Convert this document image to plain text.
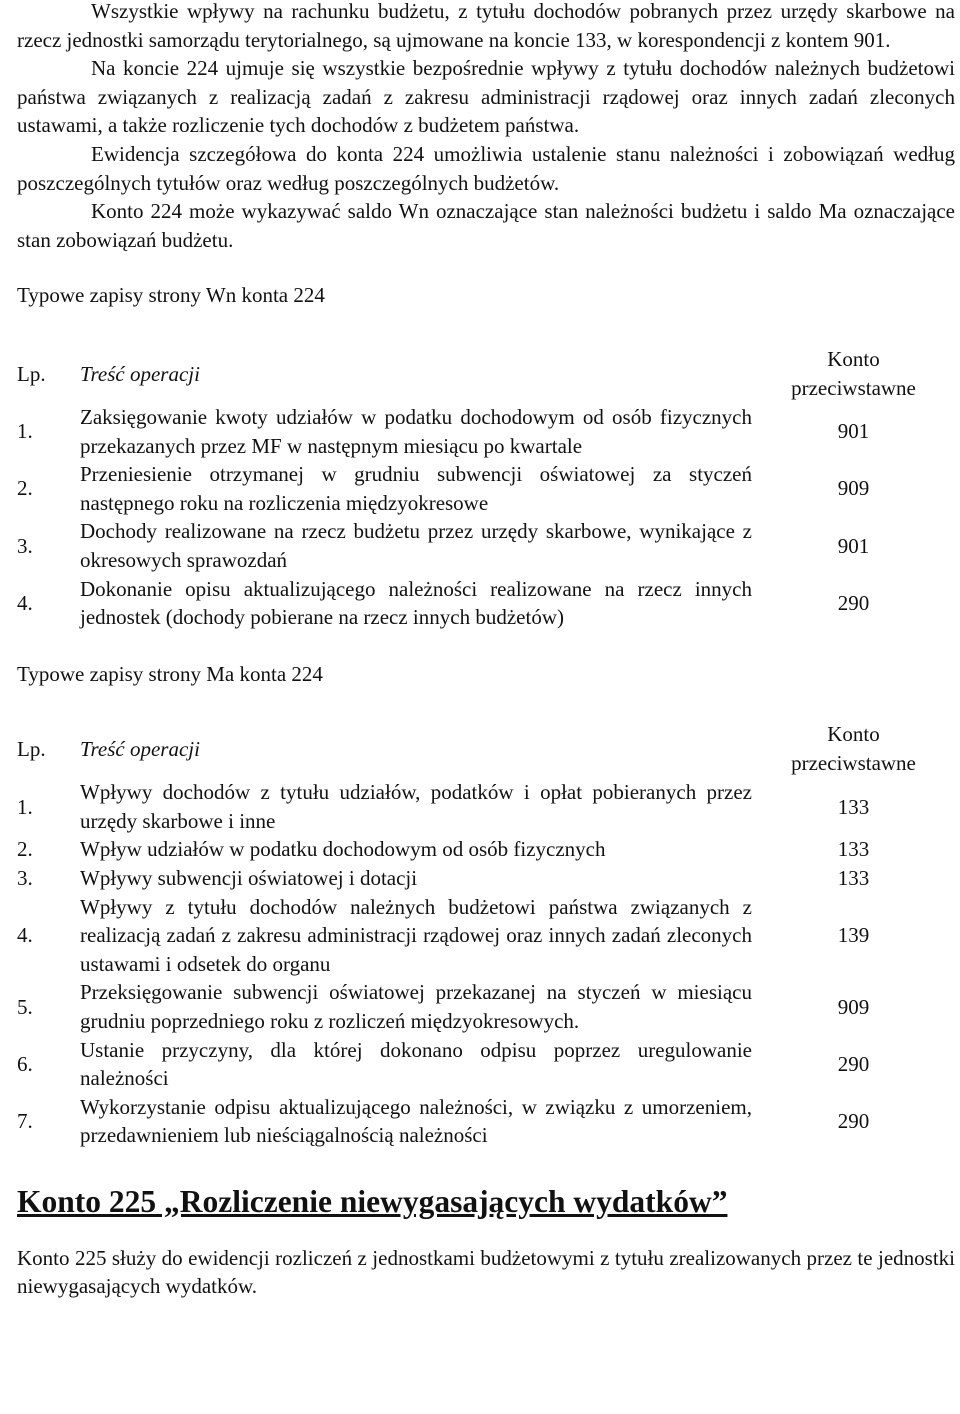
Wszystkie wpływy na rachunku budżetu, z tytułu dochodów pobranych przez urzędy skarbowe na rzecz jednostki samorządu terytorialnego, są ujmowane na koncie 133, w korespondencji z kontem 901.

Na koncie 224 ujmuje się wszystkie bezpośrednie wpływy z tytułu dochodów należnych budżetowi państwa związanych z realizacją zadań z zakresu administracji rządowej oraz innych zadań zleconych ustawami, a także rozliczenie tych dochodów z budżetem państwa.

Ewidencja szczegółowa do konta 224 umożliwia ustalenie stanu należności i zobowiązań według poszczególnych tytułów oraz według poszczególnych budżetów.

Konto 224 może wykazywać saldo Wn oznaczające stan należności budżetu i saldo Ma oznaczające stan zobowiązań budżetu.

Typowe zapisy strony Wn konta 224
Lp.	Treść operacji	Konto
przeciwstawne

1.	Zaksięgowanie kwoty udziałów w podatku dochodowym od osób fizycznych przekazanych przez MF w następnym miesiącu po kwartale	901
2.	Przeniesienie otrzymanej w grudniu subwencji oświatowej za styczeń następnego roku na rozliczenia międzyokresowe	909
3.	Dochody realizowane na rzecz budżetu przez urzędy skarbowe, wynikające z okresowych sprawozdań	901
4.	Dokonanie opisu aktualizującego należności realizowane na rzecz innych jednostek (dochody pobierane na rzecz innych budżetów)	290
Typowe zapisy strony Ma konta 224
Lp.	Treść operacji	Konto
przeciwstawne

1.	Wpływy dochodów z tytułu udziałów, podatków i opłat pobieranych przez urzędy skarbowe i inne	133
2.	Wpływ udziałów w podatku dochodowym od osób fizycznych	133
3.	Wpływy subwencji oświatowej i dotacji	133
4.	Wpływy z tytułu dochodów należnych budżetowi państwa związanych z realizacją zadań z zakresu administracji rządowej oraz innych zadań zleconych ustawami i odsetek do organu	139
5.	Przeksięgowanie subwencji oświatowej przekazanej na styczeń w miesiącu grudniu poprzedniego roku z rozliczeń międzyokresowych.	909
6.	Ustanie przyczyny, dla której dokonano odpisu poprzez uregulowanie należności	290
7.	Wykorzystanie odpisu aktualizującego należności, w związku z umorzeniem, przedawnieniem lub nieściągalnością należności	290
Konto 225 „Rozliczenie niewygasających wydatków”

Konto 225 służy do ewidencji rozliczeń z jednostkami budżetowymi z tytułu zrealizowanych przez te jednostki niewygasających wydatków.
